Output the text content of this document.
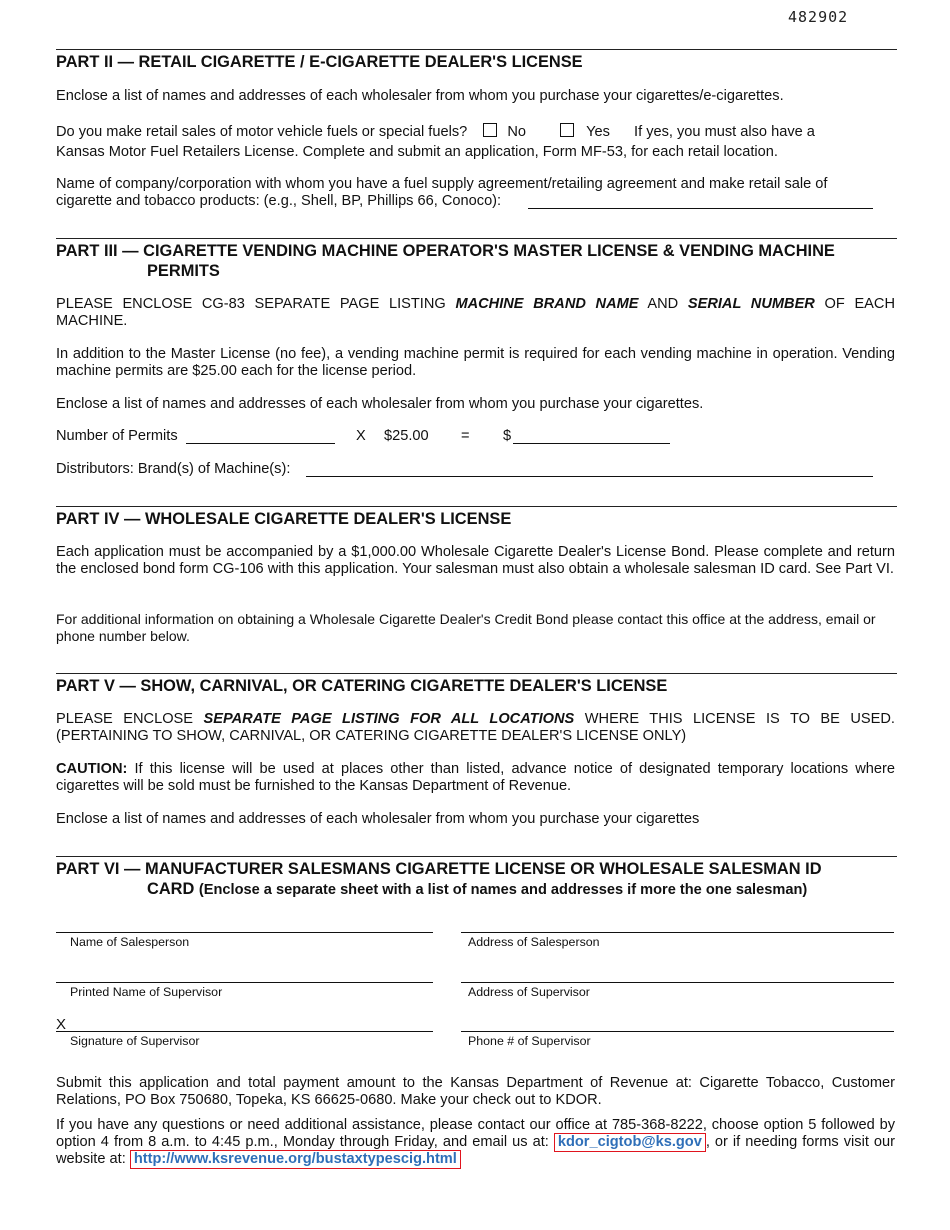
482902
PART II — RETAIL CIGARETTE / E-CIGARETTE DEALER'S LICENSE
Enclose a list of names and addresses of each wholesaler from whom you purchase your cigarettes/e-cigarettes.
Do you make retail sales of motor vehicle fuels or special fuels?	No	Yes If yes, you must also have a
Kansas Motor Fuel Retailers License. Complete and submit an application, Form MF-53, for each retail location.
Name of company/corporation with whom you have a fuel supply agreement/retailing agreement and make retail sale of
cigarette and tobacco products: (e.g., Shell, BP, Phillips 66, Conoco):
PART III — CIGARETTE VENDING MACHINE OPERATOR'S MASTER LICENSE & VENDING MACHINE
PERMITS
PLEASE ENCLOSE CG-83 SEPARATE PAGE LISTING MACHINE BRAND NAME AND SERIAL NUMBER OF EACH MACHINE.
In addition to the Master License (no fee), a vending machine permit is required for each vending machine in operation. Vending machine permits are $25.00 each for the license period.
Enclose a list of names and addresses of each wholesaler from whom you purchase your cigarettes.
Number of Permits	X $25.00 = $
Distributors: Brand(s) of Machine(s):
PART IV — WHOLESALE CIGARETTE DEALER'S LICENSE
Each application must be accompanied by a $1,000.00 Wholesale Cigarette Dealer's License Bond. Please complete and return the enclosed bond form CG-106 with this application. Your salesman must also obtain a wholesale salesman ID card. See Part VI.
For additional information on obtaining a Wholesale Cigarette Dealer's Credit Bond please contact this office at the address, email or phone number below.
PART V — SHOW, CARNIVAL, OR CATERING CIGARETTE DEALER'S LICENSE
PLEASE ENCLOSE SEPARATE PAGE LISTING FOR ALL LOCATIONS WHERE THIS LICENSE IS TO BE USED. (PERTAINING TO SHOW, CARNIVAL, OR CATERING CIGARETTE DEALER'S LICENSE ONLY)
CAUTION: If this license will be used at places other than listed, advance notice of designated temporary locations where cigarettes will be sold must be furnished to the Kansas Department of Revenue.
Enclose a list of names and addresses of each wholesaler from whom you purchase your cigarettes
PART VI — MANUFACTURER SALESMANS CIGARETTE LICENSE OR WHOLESALE SALESMAN ID
CARD (Enclose a separate sheet with a list of names and addresses if more the one salesman)
Name of Salesperson	Address of Salesperson
Printed Name of Supervisor	Address of Supervisor
X
Signature of Supervisor	Phone # of Supervisor
Submit this application and total payment amount to the Kansas Department of Revenue at: Cigarette Tobacco, Customer Relations, PO Box 750680, Topeka, KS 66625-0680. Make your check out to KDOR.
If you have any questions or need additional assistance, please contact our office at 785-368-8222, choose option 5 followed by option 4 from 8 a.m. to 4:45 p.m., Monday through Friday, and email us at: kdor_cigtob@ks.gov , or if needing forms visit our website at: http://www.ksrevenue.org/bustaxtypescig.html
